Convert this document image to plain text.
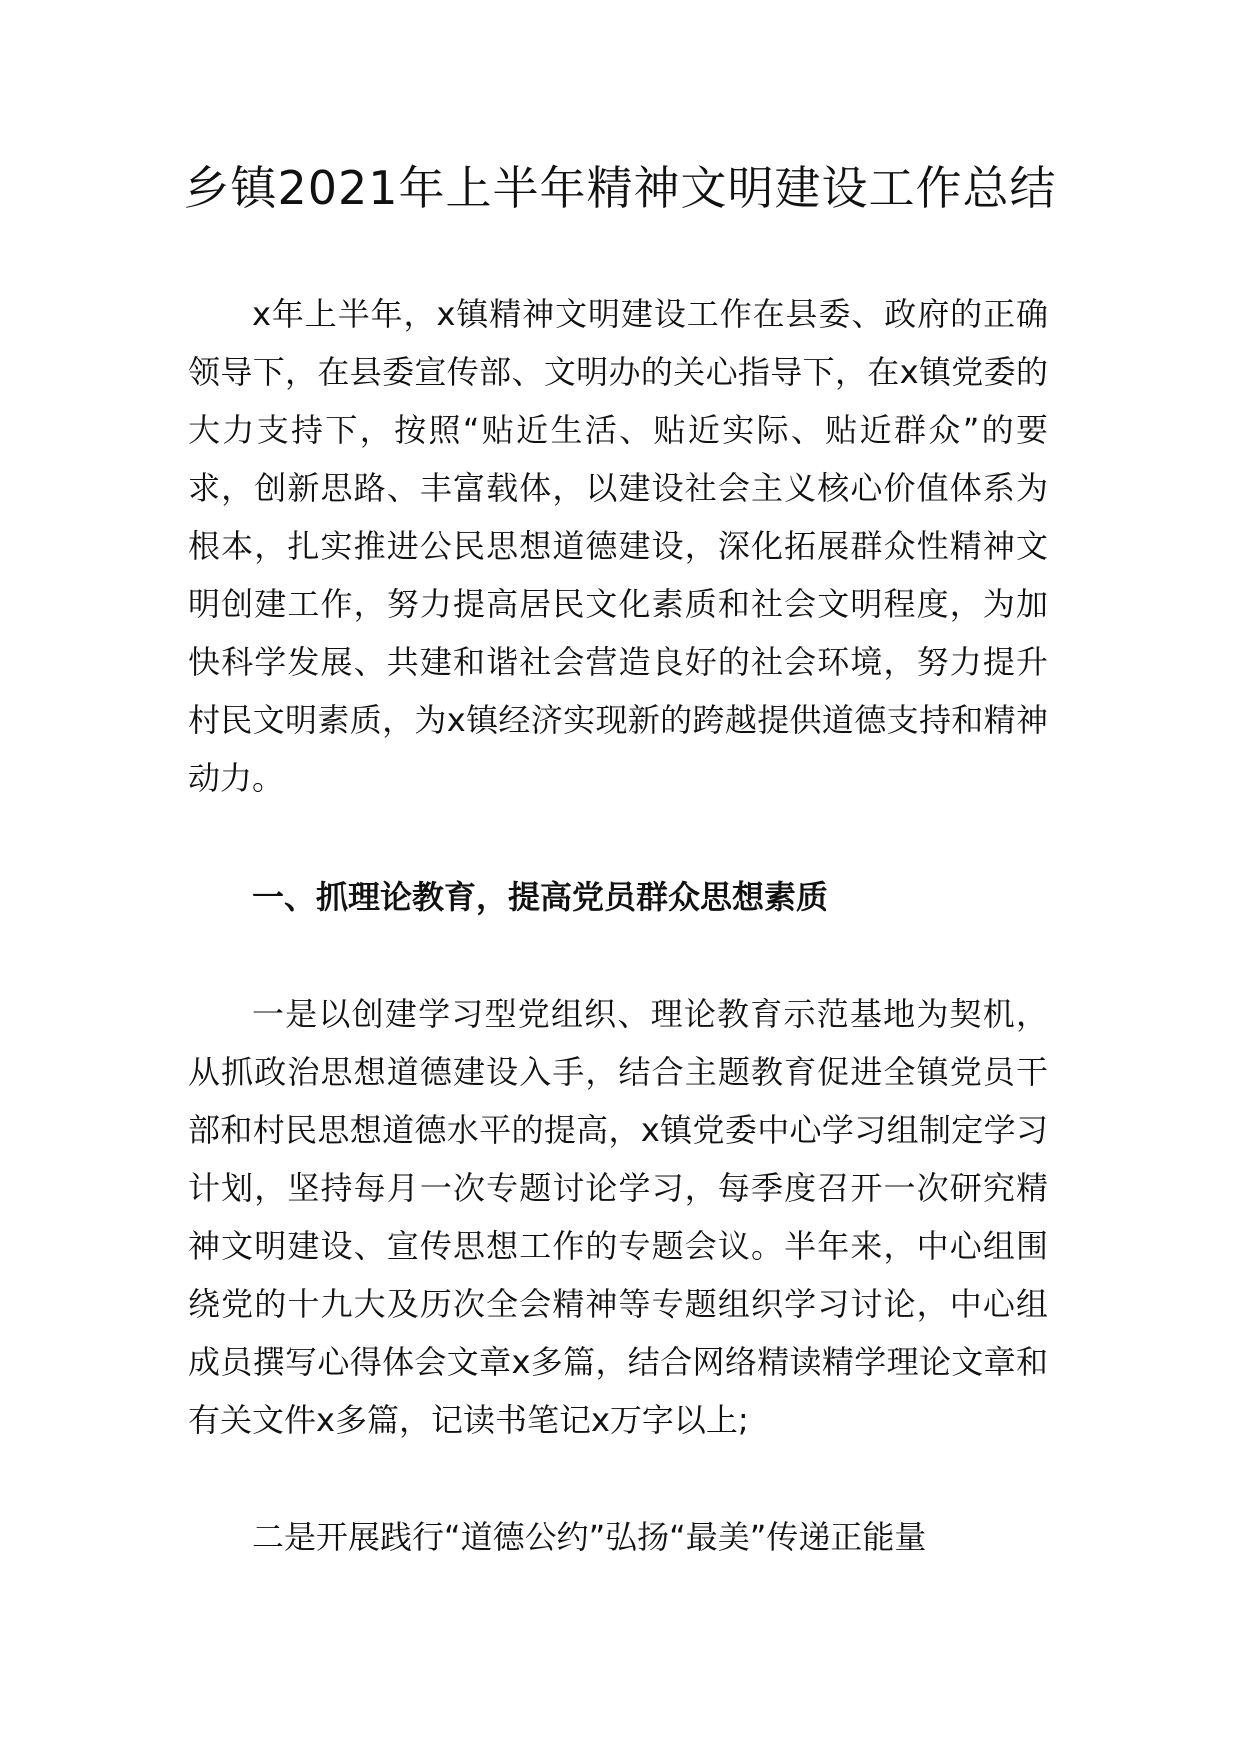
乡镇2021年上半年精神文明建设工作总结

x年上半年，x镇精神文明建设工作在县委、政府的正确领导下，在县委宣传部、文明办的关心指导下，在x镇党委的大力支持下，按照“贴近生活、贴近实际、贴近群众”的要求，创新思路、丰富载体，以建设社会主义核心价值体系为根本，扎实推进公民思想道德建设，深化拓展群众性精神文明创建工作，努力提高居民文化素质和社会文明程度，为加快科学发展、共建和谐社会营造良好的社会环境，努力提升村民文明素质，为x镇经济实现新的跨越提供道德支持和精神动力。

一、抓理论教育，提高党员群众思想素质

一是以创建学习型党组织、理论教育示范基地为契机，从抓政治思想道德建设入手，结合主题教育促进全镇党员干部和村民思想道德水平的提高，x镇党委中心学习组制定学习计划，坚持每月一次专题讨论学习，每季度召开一次研究精神文明建设、宣传思想工作的专题会议。半年来，中心组围绕党的十九大及历次全会精神等专题组织学习讨论，中心组成员撰写心得体会文章x多篇，结合网络精读精学理论文章和有关文件x多篇，记读书笔记x万字以上;

二是开展践行“道德公约”弘扬“最美”传递正能量
